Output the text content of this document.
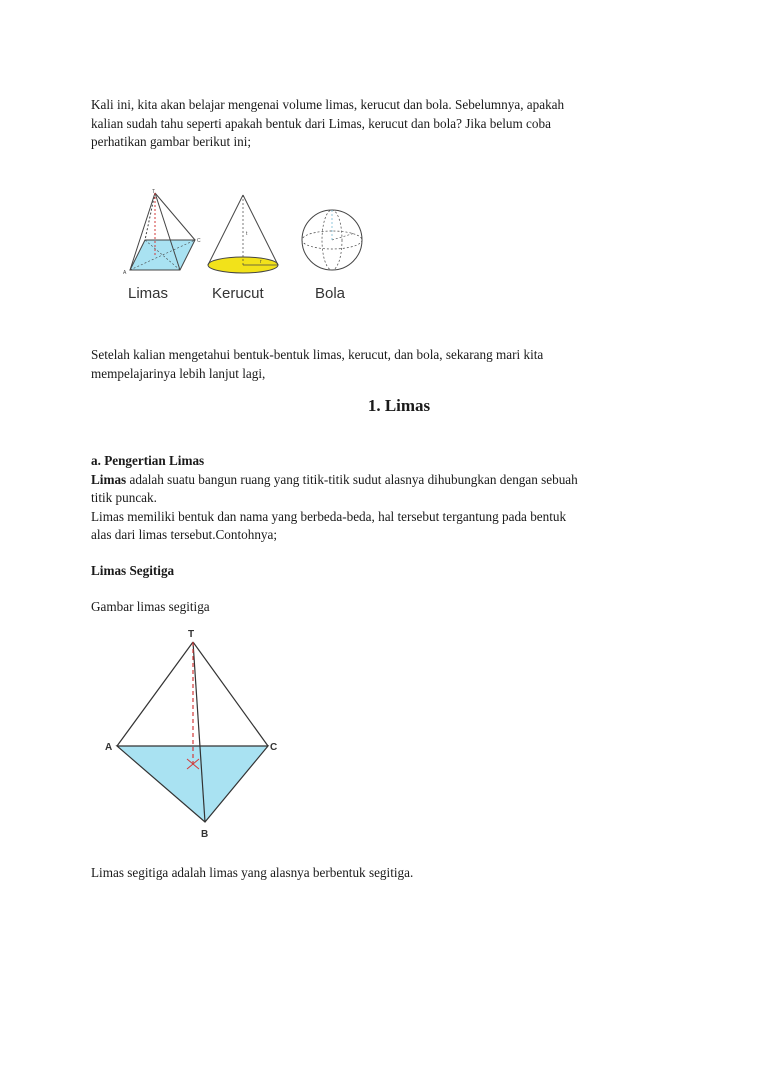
Kali ini, kita akan belajar mengenai volume limas, kerucut dan bola. Sebelumnya, apakah

kalian sudah tahu seperti apakah bentuk dari Limas, kerucut dan bola? Jika belum coba

perhatikan gambar berikut ini;

T
A
C
Limas
t
r
Kerucut	Bola

Setelah kalian mengetahui bentuk-bentuk limas, kerucut, dan bola, sekarang mari kita

mempelajarinya lebih lanjut lagi,

1. Limas

a. Pengertian Limas

Limas adalah suatu bangun ruang yang titik-titik sudut alasnya dihubungkan dengan sebuah

titik puncak.

Limas memiliki bentuk dan nama yang berbeda-beda, hal tersebut tergantung pada bentuk

alas dari limas tersebut.Contohnya;

Limas Segitiga
Gambar limas segitiga
T
A	C
B
Limas segitiga adalah limas yang alasnya berbentuk segitiga.
